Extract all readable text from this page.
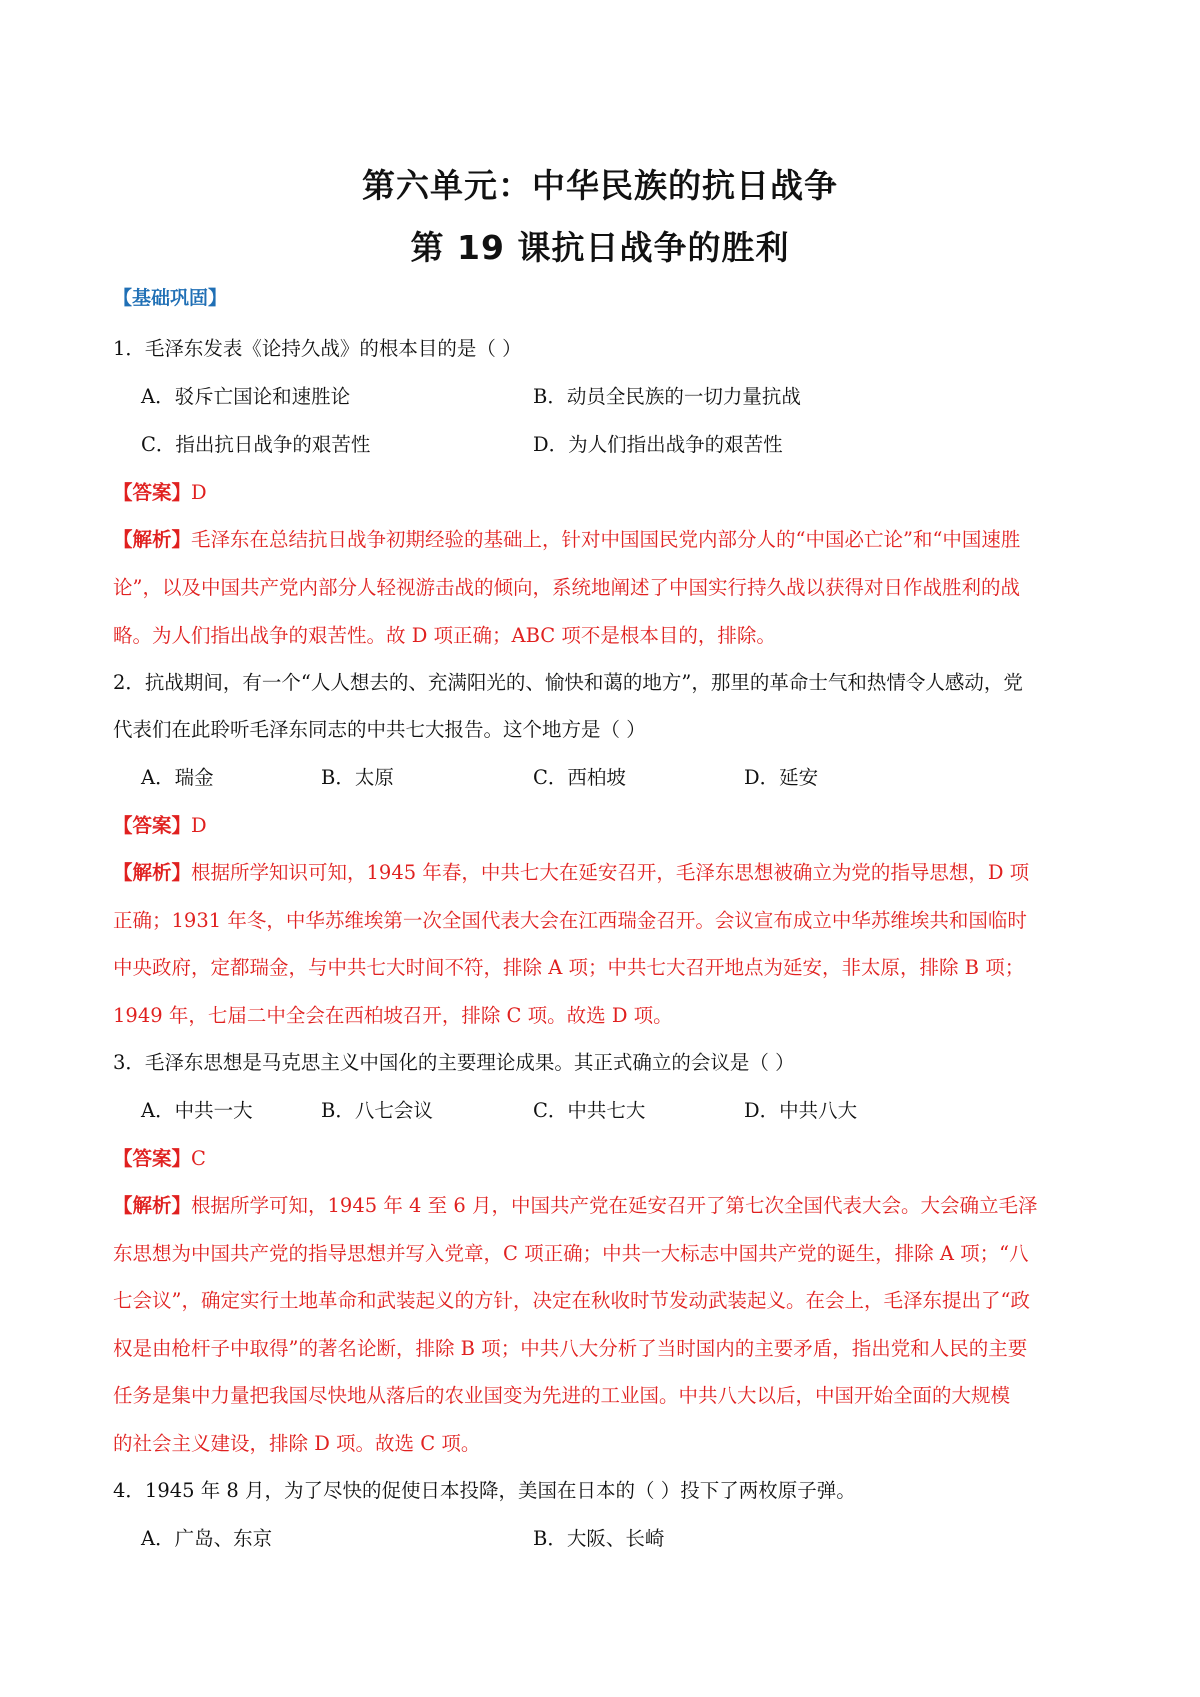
第六单元：中华民族的抗日战争
第 19 课抗日战争的胜利
【基础巩固】
1．毛泽东发表《论持久战》的根本目的是（ ）
A．驳斥亡国论和速胜论	B．动员全民族的一切力量抗战
C．指出抗日战争的艰苦性	D．为人们指出战争的艰苦性
【答案】D
【解析】毛泽东在总结抗日战争初期经验的基础上，针对中国国民党内部分人的“中国必亡论”和“中国速胜
论”，以及中国共产党内部分人轻视游击战的倾向，系统地阐述了中国实行持久战以获得对日作战胜利的战
略。为人们指出战争的艰苦性。故 D 项正确；ABC 项不是根本目的，排除。
2．抗战期间，有一个“人人想去的、充满阳光的、愉快和蔼的地方”，那里的革命士气和热情令人感动，党
代表们在此聆听毛泽东同志的中共七大报告。这个地方是（ ）
A．瑞金	B．太原	C．西柏坡	D．延安
【答案】D
【解析】根据所学知识可知，1945 年春，中共七大在延安召开，毛泽东思想被确立为党的指导思想，D 项
正确；1931 年冬，中华苏维埃第一次全国代表大会在江西瑞金召开。会议宣布成立中华苏维埃共和国临时
中央政府，定都瑞金，与中共七大时间不符，排除 A 项；中共七大召开地点为延安，非太原，排除 B 项；
1949 年，七届二中全会在西柏坡召开，排除 C 项。故选 D 项。
3．毛泽东思想是马克思主义中国化的主要理论成果。其正式确立的会议是（ ）
A．中共一大	B．八七会议	C．中共七大	D．中共八大
【答案】C
【解析】根据所学可知，1945 年 4 至 6 月，中国共产党在延安召开了第七次全国代表大会。大会确立毛泽
东思想为中国共产党的指导思想并写入党章，C 项正确；中共一大标志中国共产党的诞生，排除 A 项；“八
七会议”，确定实行土地革命和武装起义的方针，决定在秋收时节发动武装起义。在会上，毛泽东提出了“政
权是由枪杆子中取得”的著名论断，排除 B 项；中共八大分析了当时国内的主要矛盾，指出党和人民的主要
任务是集中力量把我国尽快地从落后的农业国变为先进的工业国。中共八大以后，中国开始全面的大规模
的社会主义建设，排除 D 项。故选 C 项。
4．1945 年 8 月，为了尽快的促使日本投降，美国在日本的（ ）投下了两枚原子弹。
A．广岛、东京	B．大阪、长崎
